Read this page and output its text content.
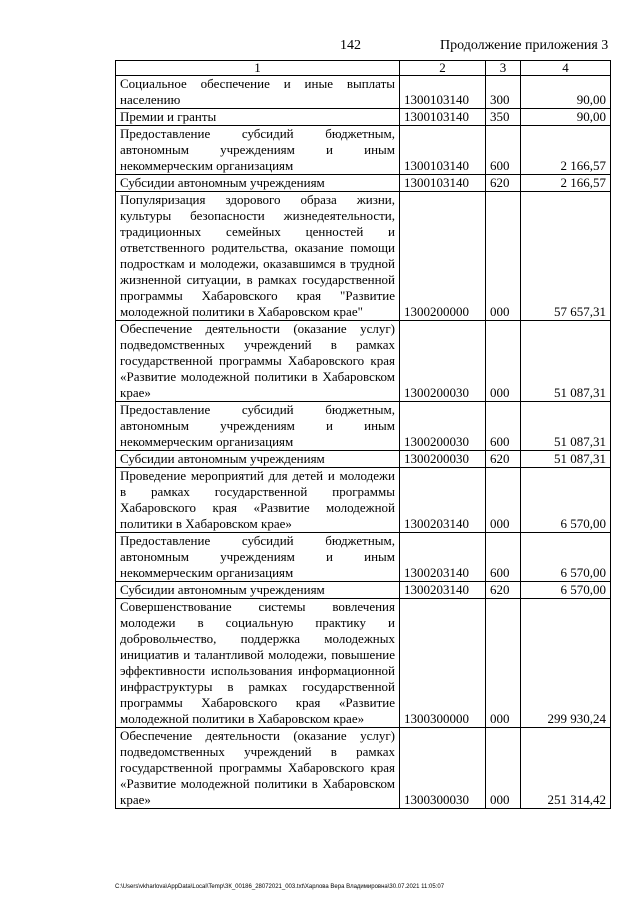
142	Продолжение приложения 3
1	2	3	4
Социальное обеспечение и иные выплаты населению	1300103140	300	90,00
Премии и гранты	1300103140	350	90,00
Предоставление субсидий бюджетным, автономным учреждениям и иным некоммерческим организациям	1300103140	600	2 166,57
Субсидии автономным учреждениям	1300103140	620	2 166,57
Популяризация здорового образа жизни, культуры безопасности жизнедеятельности, традиционных семейных ценностей и ответственного родительства, оказание помощи подросткам и молодежи, оказавшимся в трудной жизненной ситуации, в рамках государственной программы Хабаровского края "Развитие молодежной политики в Хабаровском крае"	1300200000	000	57 657,31
Обеспечение деятельности (оказание услуг) подведомственных учреждений в рамках государственной программы Хабаровского края «Развитие молодежной политики в Хабаровском крае»	1300200030	000	51 087,31
Предоставление субсидий бюджетным, автономным учреждениям и иным некоммерческим организациям	1300200030	600	51 087,31
Субсидии автономным учреждениям	1300200030	620	51 087,31
Проведение мероприятий для детей и молодежи в рамках государственной программы Хабаровского края «Развитие молодежной политики в Хабаровском крае»	1300203140	000	6 570,00
Предоставление субсидий бюджетным, автономным учреждениям и иным некоммерческим организациям	1300203140	600	6 570,00
Субсидии автономным учреждениям	1300203140	620	6 570,00
Совершенствование системы вовлечения молодежи в социальную практику и добровольчество, поддержка молодежных инициатив и талантливой молодежи, повышение эффективности использования информационной инфраструктуры в рамках государственной программы Хабаровского края «Развитие молодежной политики в Хабаровском крае»	1300300000	000	299 930,24
Обеспечение деятельности (оказание услуг) подведомственных учреждений в рамках государственной программы Хабаровского края «Развитие молодежной политики в Хабаровском крае»	1300300030	000	251 314,42
C:\Users\vkharlova\AppData\Local\Temp\ЗК_00186_28072021_003.txt\Харлова Вера Владимировна\30.07.2021 11:05:07
